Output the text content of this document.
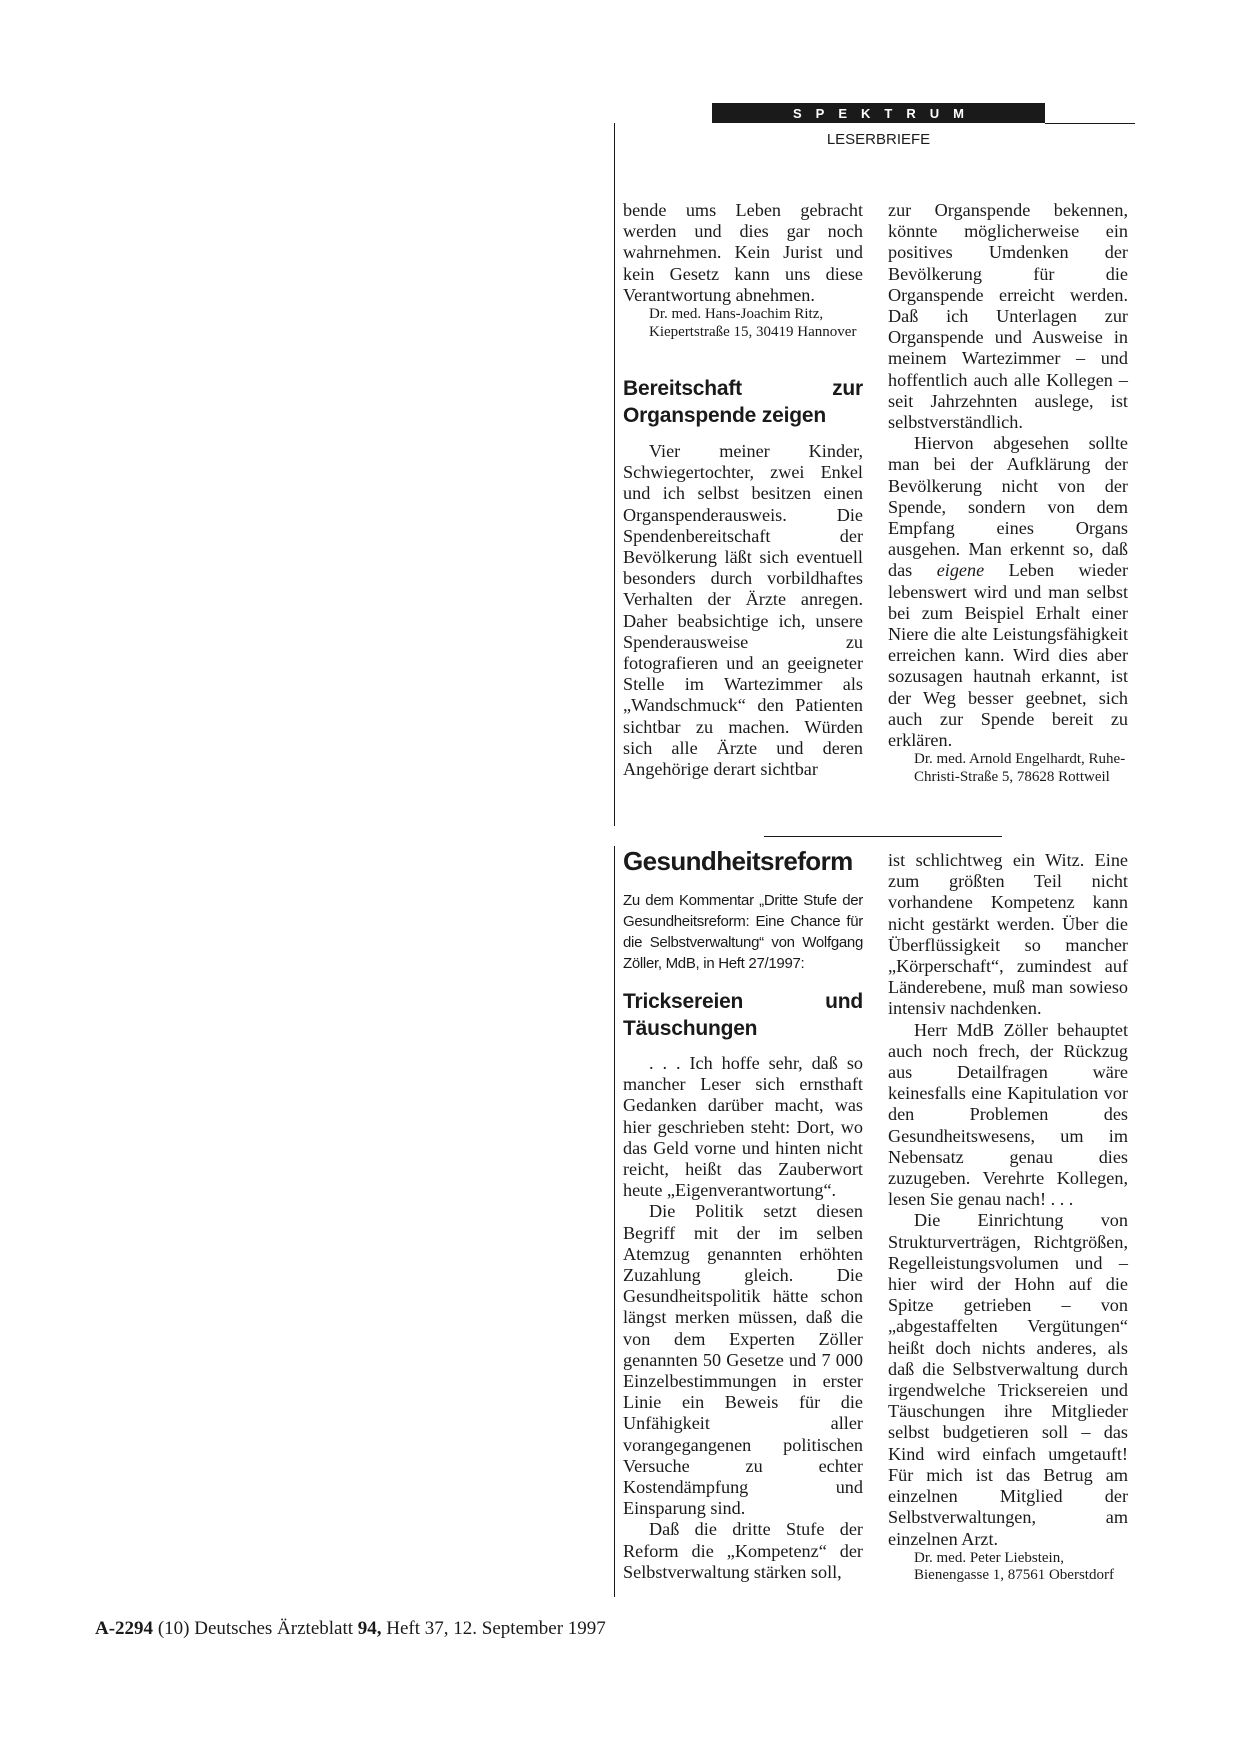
SPEKTRUM
LESERBRIEFE

bende ums Leben gebracht werden und dies gar noch wahrnehmen. Kein Jurist und kein Gesetz kann uns diese Verantwortung abnehmen.

Dr. med. Hans-Joachim Ritz, Kiepertstraße 15, 30419 Hannover

Bereitschaft zur Organspende zeigen

Vier meiner Kinder, Schwiegertochter, zwei Enkel und ich selbst besitzen einen Organspenderausweis. Die Spendenbereitschaft der Bevölkerung läßt sich eventuell besonders durch vorbildhaftes Verhalten der Ärzte anregen. Daher beabsichtige ich, unsere Spenderausweise zu fotografieren und an geeigneter Stelle im Wartezimmer als „Wandschmuck“ den Patienten sichtbar zu machen. Würden sich alle Ärzte und deren Angehörige derart sichtbar

zur Organspende bekennen, könnte möglicherweise ein positives Umdenken der Bevölkerung für die Organspende erreicht werden. Daß ich Unterlagen zur Organspende und Ausweise in meinem Wartezimmer – und hoffentlich auch alle Kollegen – seit Jahrzehnten auslege, ist selbstverständlich.

Hiervon abgesehen sollte man bei der Aufklärung der Bevölkerung nicht von der Spende, sondern von dem Empfang eines Organs ausgehen. Man erkennt so, daß das eigene Leben wieder lebenswert wird und man selbst bei zum Beispiel Erhalt einer Niere die alte Leistungsfähigkeit erreichen kann. Wird dies aber sozusagen hautnah erkannt, ist der Weg besser geebnet, sich auch zur Spende bereit zu erklären.

Dr. med. Arnold Engelhardt, Ruhe-Christi-Straße 5, 78628 Rottweil

Gesundheitsreform

Zu dem Kommentar „Dritte Stufe der Gesundheitsreform: Eine Chance für die Selbstverwaltung“ von Wolfgang Zöller, MdB, in Heft 27/1997:

Tricksereien und Täuschungen

. . . Ich hoffe sehr, daß so mancher Leser sich ernsthaft Gedanken darüber macht, was hier geschrieben steht: Dort, wo das Geld vorne und hinten nicht reicht, heißt das Zauberwort heute „Eigenverantwortung“.

Die Politik setzt diesen Begriff mit der im selben Atemzug genannten erhöhten Zuzahlung gleich. Die Gesundheitspolitik hätte schon längst merken müssen, daß die von dem Experten Zöller genannten 50 Gesetze und 7 000 Einzelbestimmungen in erster Linie ein Beweis für die Unfähigkeit aller vorangegangenen politischen Versuche zu echter Kostendämpfung und Einsparung sind.

Daß die dritte Stufe der Reform die „Kompetenz“ der Selbstverwaltung stärken soll,

ist schlichtweg ein Witz. Eine zum größten Teil nicht vorhandene Kompetenz kann nicht gestärkt werden. Über die Überflüssigkeit so mancher „Körperschaft“, zumindest auf Länderebene, muß man sowieso intensiv nachdenken.

Herr MdB Zöller behauptet auch noch frech, der Rückzug aus Detailfragen wäre keinesfalls eine Kapitulation vor den Problemen des Gesundheitswesens, um im Nebensatz genau dies zuzugeben. Verehrte Kollegen, lesen Sie genau nach! . . .

Die Einrichtung von Strukturverträgen, Richtgrößen, Regelleistungsvolumen und – hier wird der Hohn auf die Spitze getrieben – von „abgestaffelten Vergütungen“ heißt doch nichts anderes, als daß die Selbstverwaltung durch irgendwelche Tricksereien und Täuschungen ihre Mitglieder selbst budgetieren soll – das Kind wird einfach umgetauft! Für mich ist das Betrug am einzelnen Mitglied der Selbstverwaltungen, am einzelnen Arzt.

Dr. med. Peter Liebstein, Bienengasse 1, 87561 Oberstdorf

A-2294 (10) Deutsches Ärzteblatt 94, Heft 37, 12. September 1997
